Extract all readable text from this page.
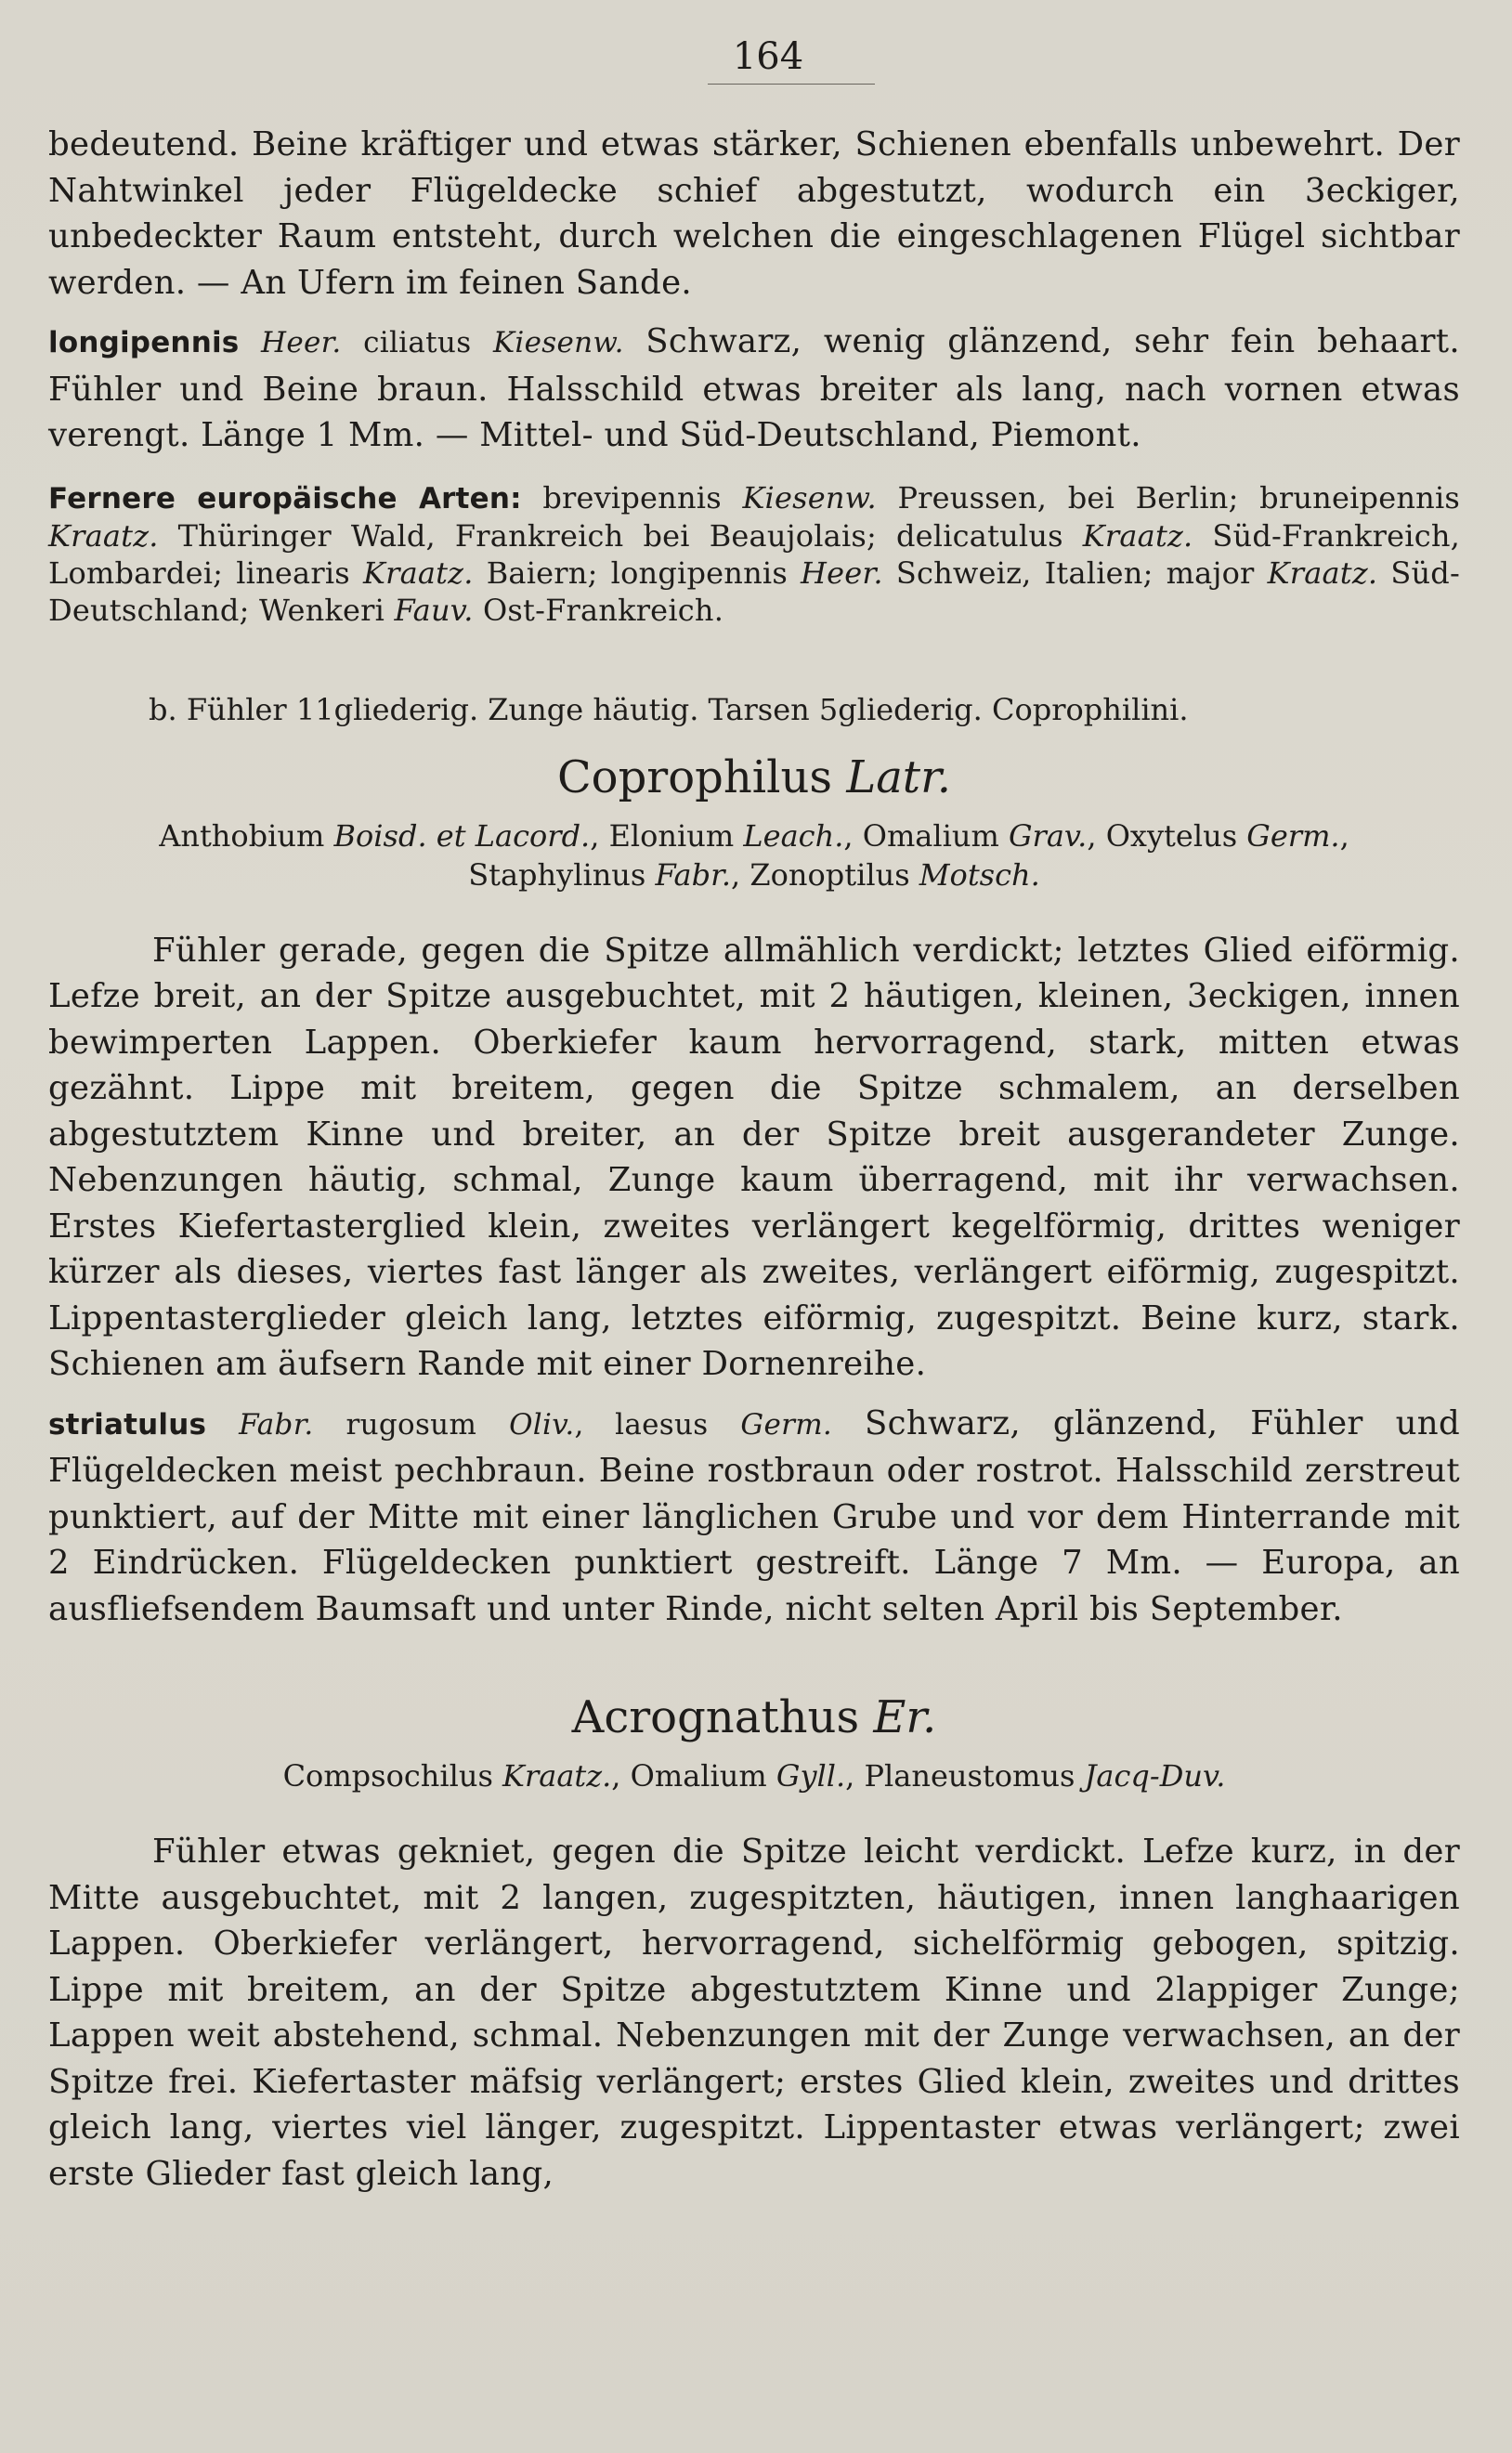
164

bedeutend. Beine kräftiger und etwas stärker, Schienen ebenfalls unbewehrt. Der Nahtwinkel jeder Flügeldecke schief abgestutzt, wodurch ein 3eckiger, unbedeckter Raum entsteht, durch welchen die eingeschlagenen Flügel sichtbar werden. — An Ufern im feinen Sande.

longipennis Heer. ciliatus Kiesenw. Schwarz, wenig glänzend, sehr fein behaart. Fühler und Beine braun. Halsschild etwas breiter als lang, nach vornen etwas verengt. Länge 1 Mm. — Mittel- und Süd-Deutschland, Piemont.

Fernere europäische Arten: brevipennis Kiesenw. Preussen, bei Berlin; bruneipennis Kraatz. Thüringer Wald, Frankreich bei Beaujolais; delicatulus Kraatz. Süd-Frankreich, Lombardei; linearis Kraatz. Baiern; longipennis Heer. Schweiz, Italien; major Kraatz. Süd-Deutschland; Wenkeri Fauv. Ost-Frankreich.

b. Fühler 11gliederig. Zunge häutig. Tarsen 5gliederig. Coprophilini.

Coprophilus Latr.

Anthobium Boisd. et Lacord., Elonium Leach., Omalium Grav., Oxytelus Germ., Staphylinus Fabr., Zonoptilus Motsch.

Fühler gerade, gegen die Spitze allmählich verdickt; letztes Glied eiförmig. Lefze breit, an der Spitze ausgebuchtet, mit 2 häutigen, kleinen, 3eckigen, innen bewimperten Lappen. Oberkiefer kaum hervorragend, stark, mitten etwas gezähnt. Lippe mit breitem, gegen die Spitze schmalem, an derselben abgestutztem Kinne und breiter, an der Spitze breit ausgerandeter Zunge. Nebenzungen häutig, schmal, Zunge kaum überragend, mit ihr verwachsen. Erstes Kiefertasterglied klein, zweites verlängert kegelförmig, drittes weniger kürzer als dieses, viertes fast länger als zweites, verlängert eiförmig, zugespitzt. Lippentasterglieder gleich lang, letztes eiförmig, zugespitzt. Beine kurz, stark. Schienen am äufsern Rande mit einer Dornenreihe.

striatulus Fabr. rugosum Oliv., laesus Germ. Schwarz, glänzend, Fühler und Flügeldecken meist pechbraun. Beine rostbraun oder rostrot. Halsschild zerstreut punktiert, auf der Mitte mit einer länglichen Grube und vor dem Hinterrande mit 2 Eindrücken. Flügeldecken punktiert gestreift. Länge 7 Mm. — Europa, an ausfliefsendem Baumsaft und unter Rinde, nicht selten April bis September.

Acrognathus Er.

Compsochilus Kraatz., Omalium Gyll., Planeustomus Jacq-Duv.

Fühler etwas gekniet, gegen die Spitze leicht verdickt. Lefze kurz, in der Mitte ausgebuchtet, mit 2 langen, zugespitzten, häutigen, innen langhaarigen Lappen. Oberkiefer verlängert, hervorragend, sichelförmig gebogen, spitzig. Lippe mit breitem, an der Spitze abgestutztem Kinne und 2lappiger Zunge; Lappen weit abstehend, schmal. Nebenzungen mit der Zunge verwachsen, an der Spitze frei. Kiefertaster mäfsig verlängert; erstes Glied klein, zweites und drittes gleich lang, viertes viel länger, zugespitzt. Lippentaster etwas verlängert; zwei erste Glieder fast gleich lang,
